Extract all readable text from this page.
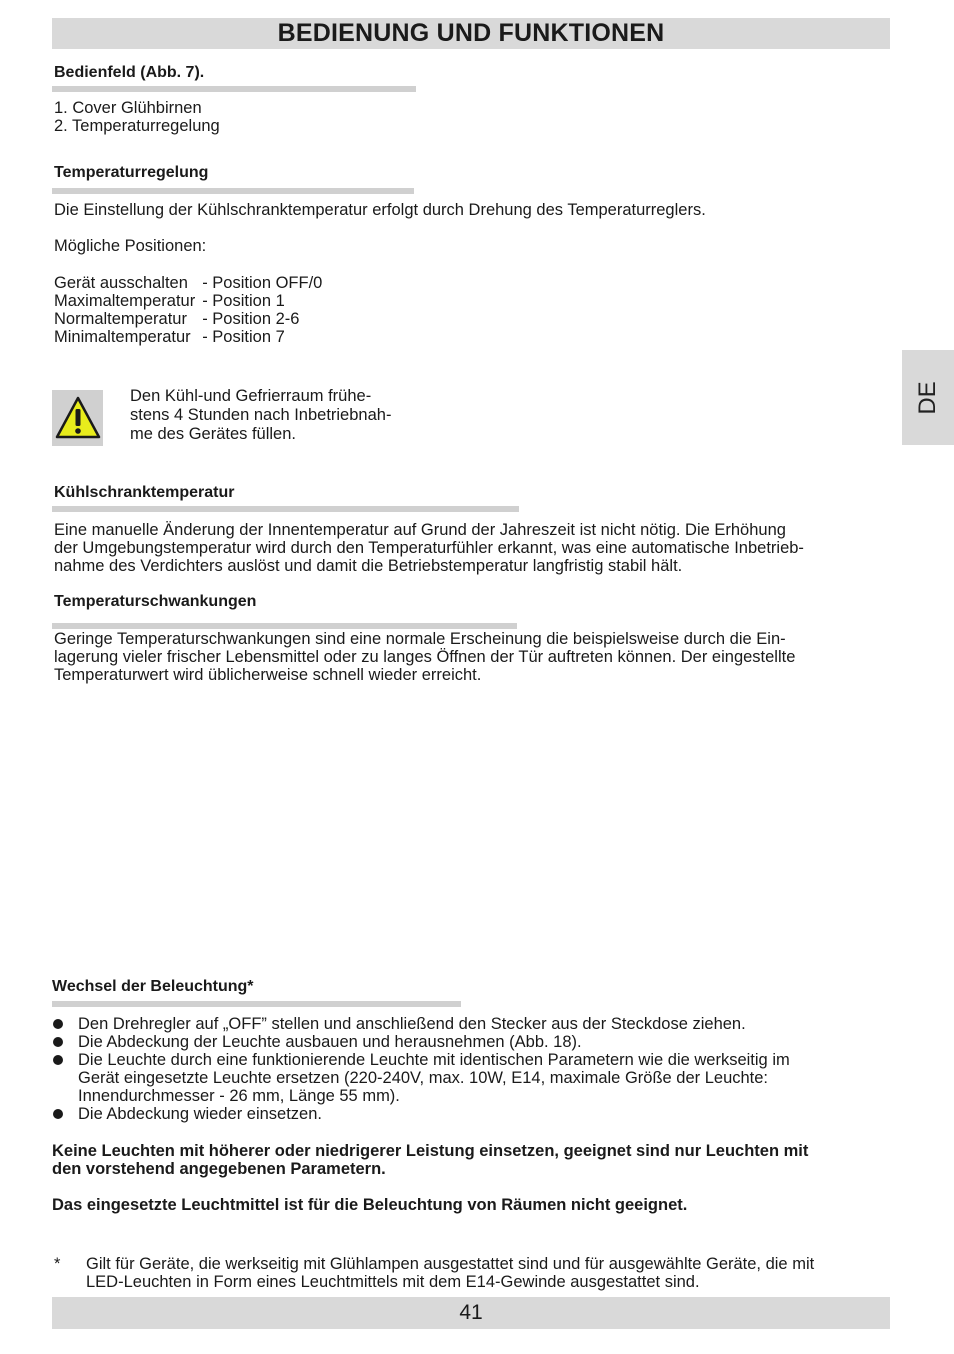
BEDIENUNG UND FUNKTIONEN
DE
Bedienfeld (Abb. 7).
1. Cover Glühbirnen
2. Temperaturregelung
Temperaturregelung
Die Einstellung der Kühlschranktemperatur erfolgt durch Drehung des Temperaturreglers.
Mögliche Positionen:
Gerät ausschalten	- Position OFF/0
Maximaltemperatur	- Position 1
Normaltemperatur	- Position 2-6
Minimaltemperatur	- Position 7
Den Kühl-und Gefrierraum frühe-
stens 4 Stunden nach Inbetriebnah-
me des Gerätes füllen.
Kühlschranktemperatur
Eine manuelle Änderung der Innentemperatur auf Grund der Jahreszeit ist nicht nötig. Die Erhöhung
der Umgebungstemperatur wird durch den Temperaturfühler erkannt, was eine automatische Inbetrieb-
nahme des Verdichters auslöst und damit die Betriebstemperatur langfristig stabil hält.
Temperaturschwankungen
Geringe Temperaturschwankungen sind eine normale Erscheinung die beispielsweise durch die Ein-
lagerung vieler frischer Lebensmittel oder zu langes Öffnen der Tür auftreten können. Der eingestellte
Temperaturwert wird üblicherweise schnell wieder erreicht.
Wechsel der Beleuchtung*
Den Drehregler auf „OFF” stellen und anschließend den Stecker aus der Steckdose ziehen.
Die Abdeckung der Leuchte ausbauen und herausnehmen (Abb. 18).
Die Leuchte durch eine funktionierende Leuchte mit identischen Parametern wie die werkseitig im
Gerät eingesetzte Leuchte ersetzen (220-240V, max. 10W, E14, maximale Größe der Leuchte:
Innendurchmesser - 26 mm, Länge 55 mm).
Die Abdeckung wieder einsetzen.
Keine Leuchten mit höherer oder niedrigerer Leistung einsetzen, geeignet sind nur Leuchten mit
den vorstehend angegebenen Parametern.
Das eingesetzte Leuchtmittel ist für die Beleuchtung von Räumen nicht geeignet.
* Gilt für Geräte, die werkseitig mit Glühlampen ausgestattet sind und für ausgewählte Geräte, die mit
LED-Leuchten in Form eines Leuchtmittels mit dem E14-Gewinde ausgestattet sind.
41
